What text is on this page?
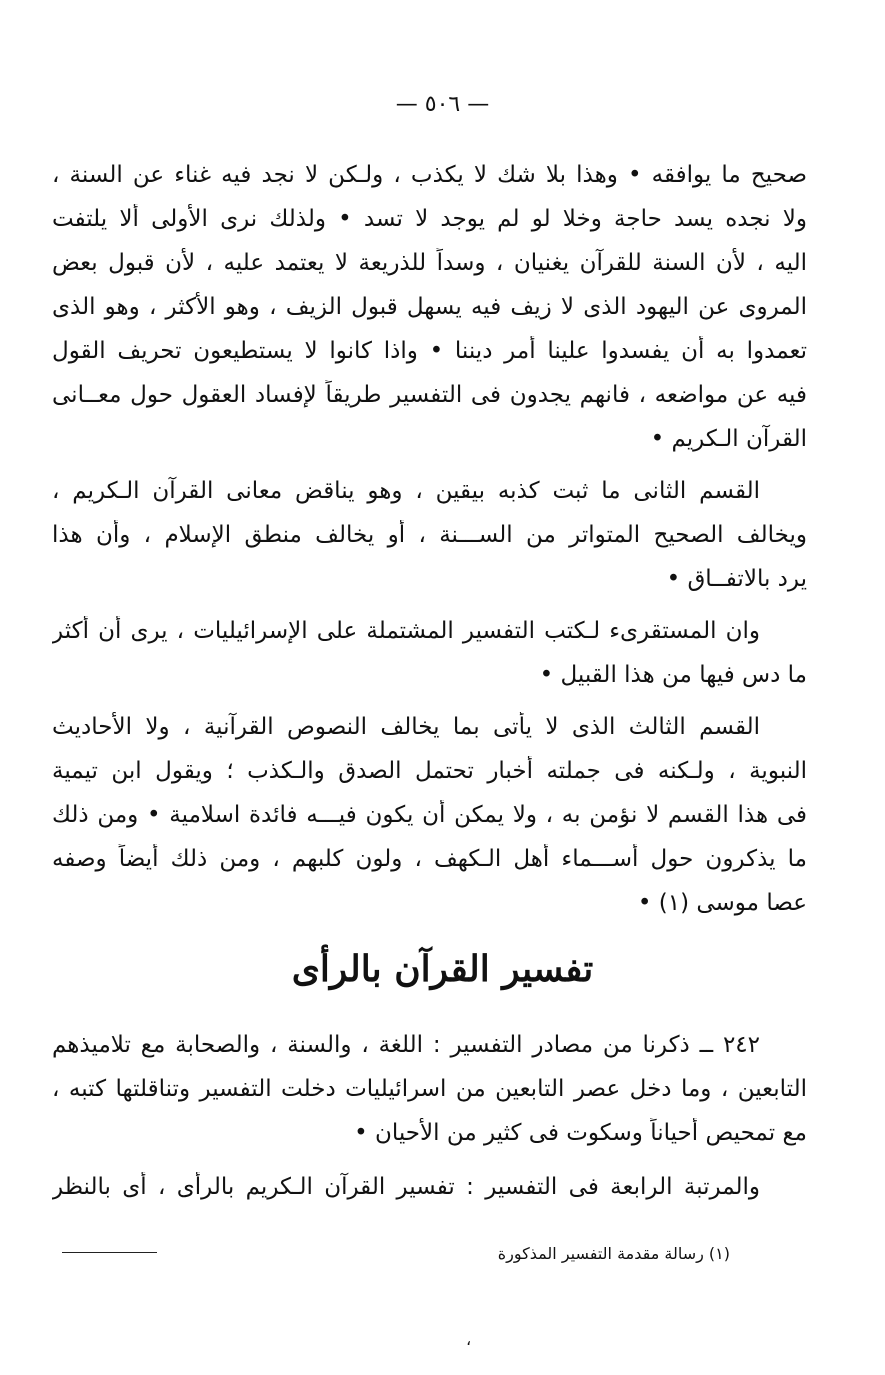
— ٥٠٦ —
صحيح ما يوافقه • وهذا بلا شك لا يكذب ، ولـكن لا نجد فيه غناء عن السنة ،
ولا نجده يسد حاجة وخلا لو لم يوجد لا تسد • ولذلك نرى الأولى ألا يلتفت
اليه ، لأن السنة للقرآن يغنيان ، وسداً للذريعة لا يعتمد عليه ، لأن قبول بعض
المروى عن اليهود الذى لا زيف فيه يسهل قبول الزيف ، وهو الأكثر ، وهو الذى
تعمدوا به أن يفسدوا علينا أمر ديننا • واذا كانوا لا يستطيعون تحريف القول
فيه عن مواضعه ، فانهم يجدون فى التفسير طريقاً لإفساد العقول حول معــانى
القرآن الـكريم •
القسم الثانى ما ثبت كذبه بيقين ، وهو يناقض معانى القرآن الـكريم ،
ويخالف الصحيح المتواتر من الســـنة ، أو يخالف منطق الإسلام ، وأن هذا
يرد بالاتفــاق •
وان المستقرىء لـكتب التفسير المشتملة على الإسرائيليات ، يرى أن أكثر
ما دس فيها من هذا القبيل •
القسم الثالث الذى لا يأتى بما يخالف النصوص القرآنية ، ولا الأحاديث
النبوية ، ولـكنه فى جملته أخبار تحتمل الصدق والـكذب ؛ ويقول ابن تيمية
فى هذا القسم لا نؤمن به ، ولا يمكن أن يكون فيـــه فائدة اسلامية • ومن ذلك
ما يذكرون حول أســـماء أهل الـكهف ، ولون كلبهم ، ومن ذلك أيضاً وصفه
عصا موسى (١) •
تفسير القرآن بالرأى
٢٤٢ ــ ذكرنا من مصادر التفسير : اللغة ، والسنة ، والصحابة مع تلاميذهم
التابعين ، وما دخل عصر التابعين من اسرائيليات دخلت التفسير وتناقلتها كتبه ،
مع تمحيص أحياناً وسكوت فى كثير من الأحيان •
والمرتبة الرابعة فى التفسير : تفسير القرآن الـكريم بالرأى ، أى بالنظر
(١) رسالة مقدمة التفسير المذكورة
،
